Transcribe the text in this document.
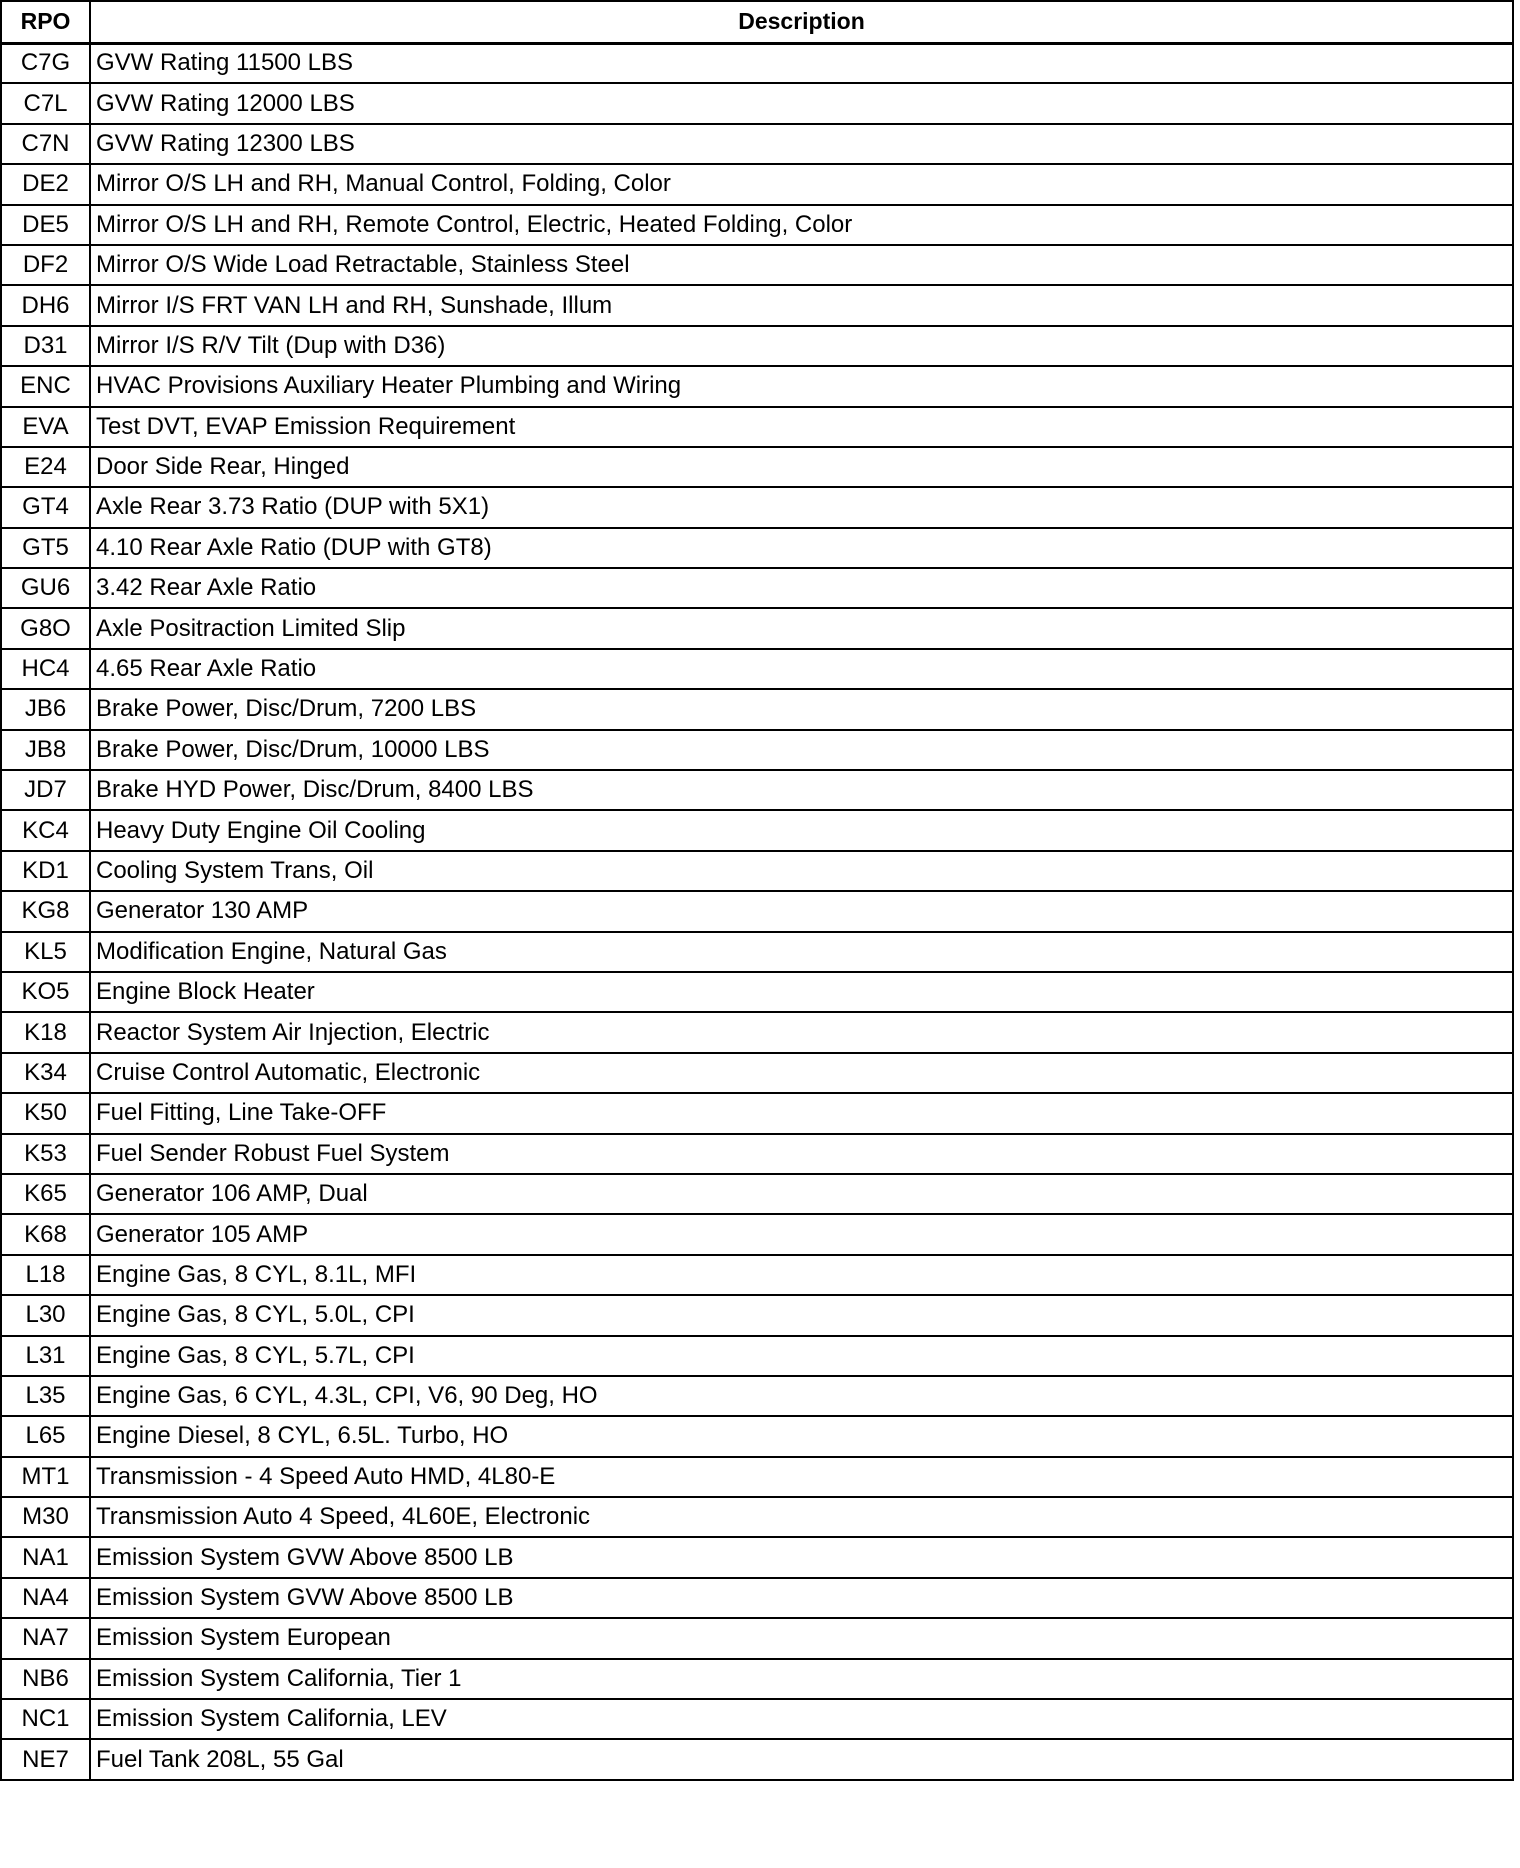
RPO	Description
C7G	GVW Rating 11500 LBS
C7L	GVW Rating 12000 LBS
C7N	GVW Rating 12300 LBS
DE2	Mirror O/S LH and RH, Manual Control, Folding, Color
DE5	Mirror O/S LH and RH, Remote Control, Electric, Heated Folding, Color
DF2	Mirror O/S Wide Load Retractable, Stainless Steel
DH6	Mirror I/S FRT VAN LH and RH, Sunshade, Illum
D31	Mirror I/S R/V Tilt (Dup with D36)
ENC	HVAC Provisions Auxiliary Heater Plumbing and Wiring
EVA	Test DVT, EVAP Emission Requirement
E24	Door Side Rear, Hinged
GT4	Axle Rear 3.73 Ratio (DUP with 5X1)
GT5	4.10 Rear Axle Ratio (DUP with GT8)
GU6	3.42 Rear Axle Ratio
G8O	Axle Positraction Limited Slip
HC4	4.65 Rear Axle Ratio
JB6	Brake Power, Disc/Drum, 7200 LBS
JB8	Brake Power, Disc/Drum, 10000 LBS
JD7	Brake HYD Power, Disc/Drum, 8400 LBS
KC4	Heavy Duty Engine Oil Cooling
KD1	Cooling System Trans, Oil
KG8	Generator 130 AMP
KL5	Modification Engine, Natural Gas
KO5	Engine Block Heater
K18	Reactor System Air Injection, Electric
K34	Cruise Control Automatic, Electronic
K50	Fuel Fitting, Line Take-OFF
K53	Fuel Sender Robust Fuel System
K65	Generator 106 AMP, Dual
K68	Generator 105 AMP
L18	Engine Gas, 8 CYL, 8.1L, MFI
L30	Engine Gas, 8 CYL, 5.0L, CPI
L31	Engine Gas, 8 CYL, 5.7L, CPI
L35	Engine Gas, 6 CYL, 4.3L, CPI, V6, 90 Deg, HO
L65	Engine Diesel, 8 CYL, 6.5L. Turbo, HO
MT1	Transmission - 4 Speed Auto HMD, 4L80-E
M30	Transmission Auto 4 Speed, 4L60E, Electronic
NA1	Emission System GVW Above 8500 LB
NA4	Emission System GVW Above 8500 LB
NA7	Emission System European
NB6	Emission System California, Tier 1
NC1	Emission System California, LEV
NE7	Fuel Tank 208L, 55 Gal
